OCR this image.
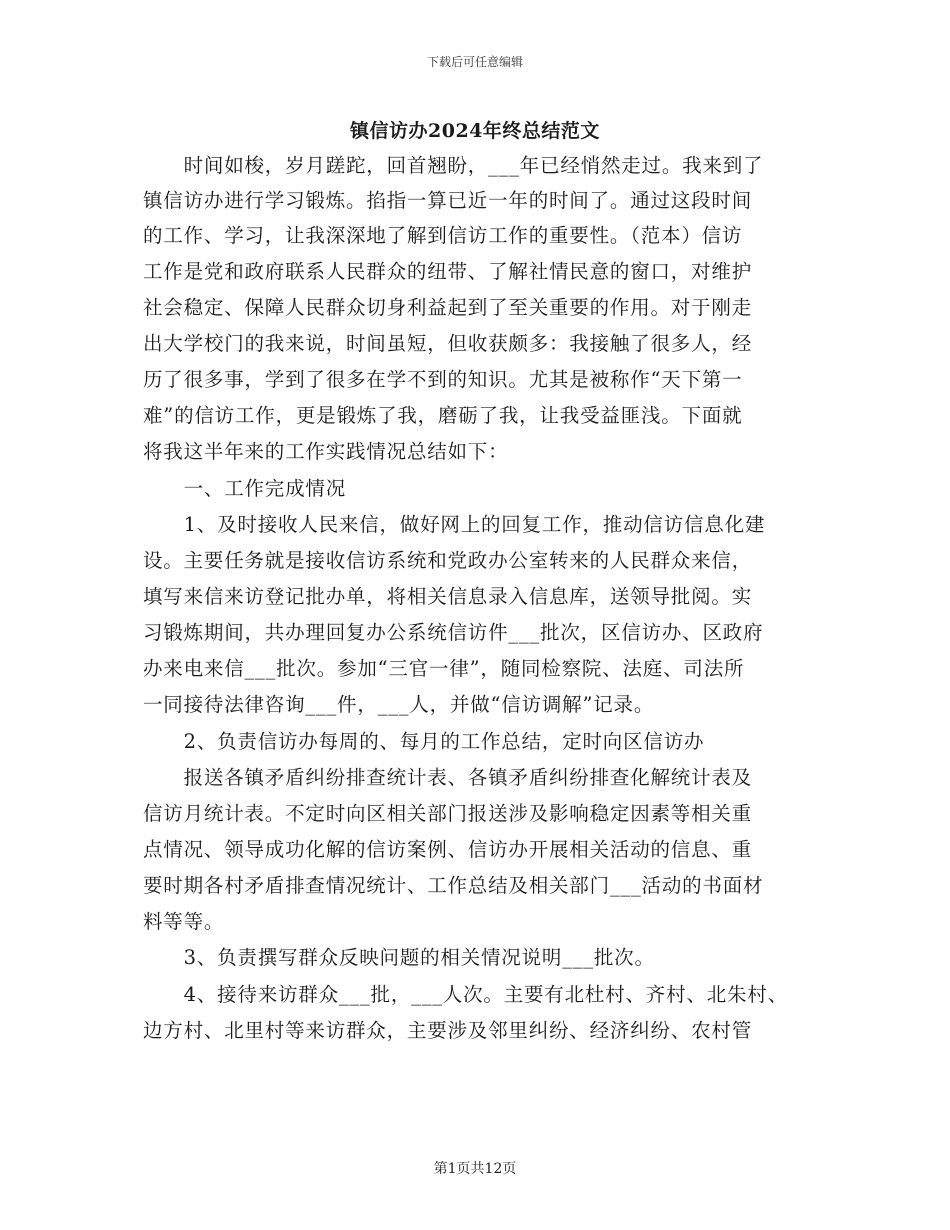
下载后可任意编辑
镇信访办2024年终总结范文
　　时间如梭，岁月蹉跎，回首翘盼，___年已经悄然走过。我来到了
镇信访办进行学习锻炼。掐指一算已近一年的时间了。通过这段时间
的工作、学习，让我深深地了解到信访工作的重要性。（范本）信访
工作是党和政府联系人民群众的纽带、了解社情民意的窗口，对维护
社会稳定、保障人民群众切身利益起到了至关重要的作用。对于刚走
出大学校门的我来说，时间虽短，但收获颇多：我接触了很多人，经
历了很多事，学到了很多在学不到的知识。尤其是被称作“天下第一
难”的信访工作，更是锻炼了我，磨砺了我，让我受益匪浅。下面就
将我这半年来的工作实践情况总结如下：
　　一、工作完成情况
　　1、及时接收人民来信，做好网上的回复工作，推动信访信息化建
设。主要任务就是接收信访系统和党政办公室转来的人民群众来信，
填写来信来访登记批办单，将相关信息录入信息库，送领导批阅。实
习锻炼期间，共办理回复办公系统信访件___批次，区信访办、区政府
办来电来信___批次。参加“三官一律”，随同检察院、法庭、司法所
一同接待法律咨询___件，___人，并做“信访调解”记录。
　　2、负责信访办每周的、每月的工作总结，定时向区信访办
　　报送各镇矛盾纠纷排查统计表、各镇矛盾纠纷排查化解统计表及
信访月统计表。不定时向区相关部门报送涉及影响稳定因素等相关重
点情况、领导成功化解的信访案例、信访办开展相关活动的信息、重
要时期各村矛盾排查情况统计、工作总结及相关部门___活动的书面材
料等等。
　　3、负责撰写群众反映问题的相关情况说明___批次。
　　4、接待来访群众___批，___人次。主要有北杜村、齐村、北朱村、
边方村、北里村等来访群众，主要涉及邻里纠纷、经济纠纷、农村管
第1页共12页
